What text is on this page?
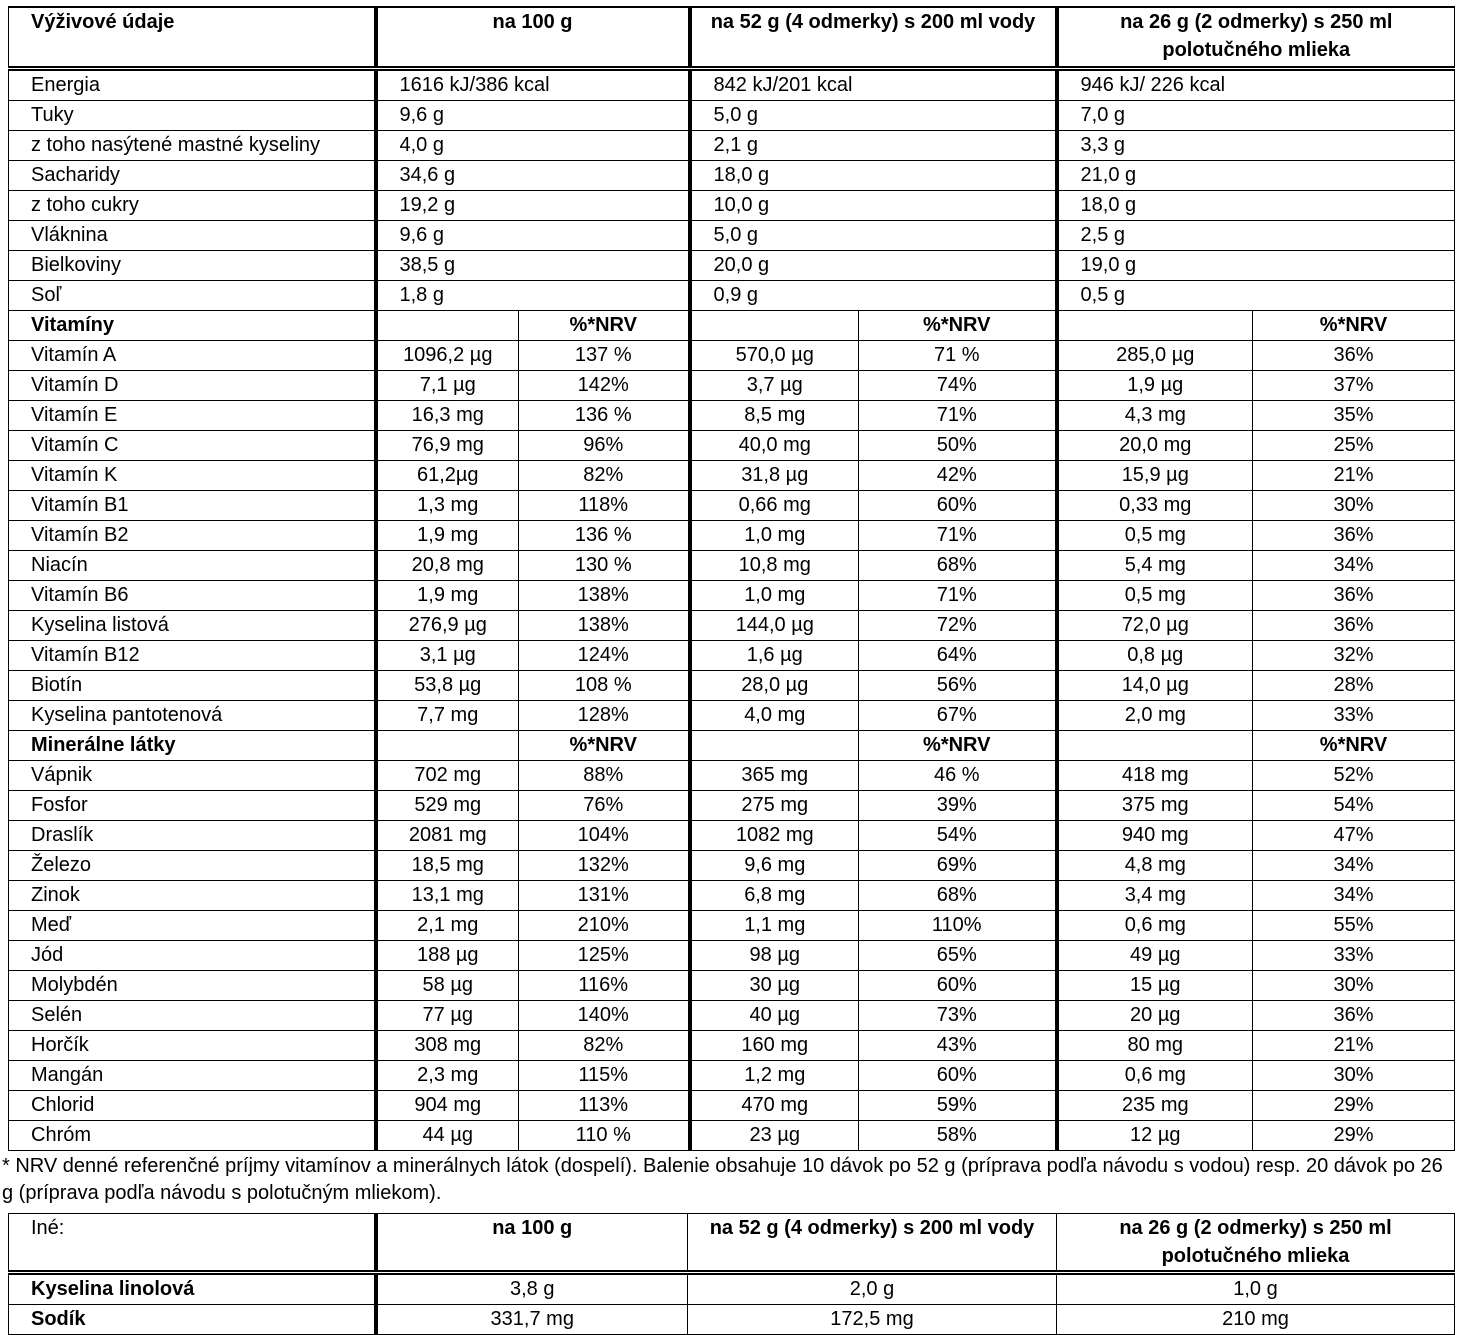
Výživové údaje	na 100 g		na 52 g (4 odmerky) s 200 ml vody		na 26 g (2 odmerky) s 250 ml polotučného mlieka	
Energia	1616 kJ/386 kcal		842 kJ/201 kcal		946 kJ/ 226 kcal	
Tuky	9,6 g		5,0 g		7,0 g	
z toho nasýtené mastné kyseliny	4,0 g		2,1 g		3,3 g	
Sacharidy	34,6 g		18,0 g		21,0 g	
z toho cukry	19,2 g		10,0 g		18,0 g	
Vláknina	9,6 g		5,0 g		2,5 g	
Bielkoviny	38,5 g		20,0 g		19,0 g	
Soľ	1,8 g		0,9 g		0,5 g	
Vitamíny		%*NRV		%*NRV		%*NRV
Vitamín A	1096,2 µg	137 %	570,0 µg	71 %	285,0 µg	36%
Vitamín D	7,1 µg	142%	3,7 µg	74%	1,9 µg	37%
Vitamín E	16,3 mg	136 %	8,5 mg	71%	4,3 mg	35%
Vitamín C	76,9 mg	96%	40,0 mg	50%	20,0 mg	25%
Vitamín K	61,2µg	82%	31,8 µg	42%	15,9 µg	21%
Vitamín B1	1,3 mg	118%	0,66 mg	60%	0,33 mg	30%
Vitamín B2	1,9 mg	136 %	1,0 mg	71%	0,5 mg	36%
Niacín	20,8 mg	130 %	10,8 mg	68%	5,4 mg	34%
Vitamín B6	1,9 mg	138%	1,0 mg	71%	0,5 mg	36%
Kyselina listová	276,9 µg	138%	144,0 µg	72%	72,0 µg	36%
Vitamín B12	3,1 µg	124%	1,6 µg	64%	0,8 µg	32%
Biotín	53,8 µg	108 %	28,0 µg	56%	14,0 µg	28%
Kyselina pantotenová	7,7 mg	128%	4,0 mg	67%	2,0 mg	33%
Minerálne látky		%*NRV		%*NRV		%*NRV
Vápnik	702 mg	88%	365 mg	46 %	418 mg	52%
Fosfor	529 mg	76%	275 mg	39%	375 mg	54%
Draslík	2081 mg	104%	1082 mg	54%	940 mg	47%
Železo	18,5 mg	132%	9,6 mg	69%	4,8 mg	34%
Zinok	13,1 mg	131%	6,8 mg	68%	3,4 mg	34%
Meď	2,1 mg	210%	1,1 mg	110%	0,6 mg	55%
Jód	188 µg	125%	98 µg	65%	49 µg	33%
Molybdén	58 µg	116%	30 µg	60%	15 µg	30%
Selén	77 µg	140%	40 µg	73%	20 µg	36%
Horčík	308 mg	82%	160 mg	43%	80 mg	21%
Mangán	2,3 mg	115%	1,2 mg	60%	0,6 mg	30%
Chlorid	904 mg	113%	470 mg	59%	235 mg	29%
Chróm	44 µg	110 %	23 µg	58%	12 µg	29%
* NRV denné referenčné príjmy vitamínov a minerálnych látok (dospelí). Balenie obsahuje 10 dávok po 52 g (príprava podľa návodu s vodou) resp. 20 dávok po 26 g (príprava podľa návodu s polotučným mliekom).
Iné:	na 100 g	na 52 g (4 odmerky) s 200 ml vody	na 26 g (2 odmerky) s 250 ml polotučného mlieka
Kyselina linolová	3,8 g	2,0 g	1,0 g
Sodík	331,7 mg	172,5 mg	210 mg
